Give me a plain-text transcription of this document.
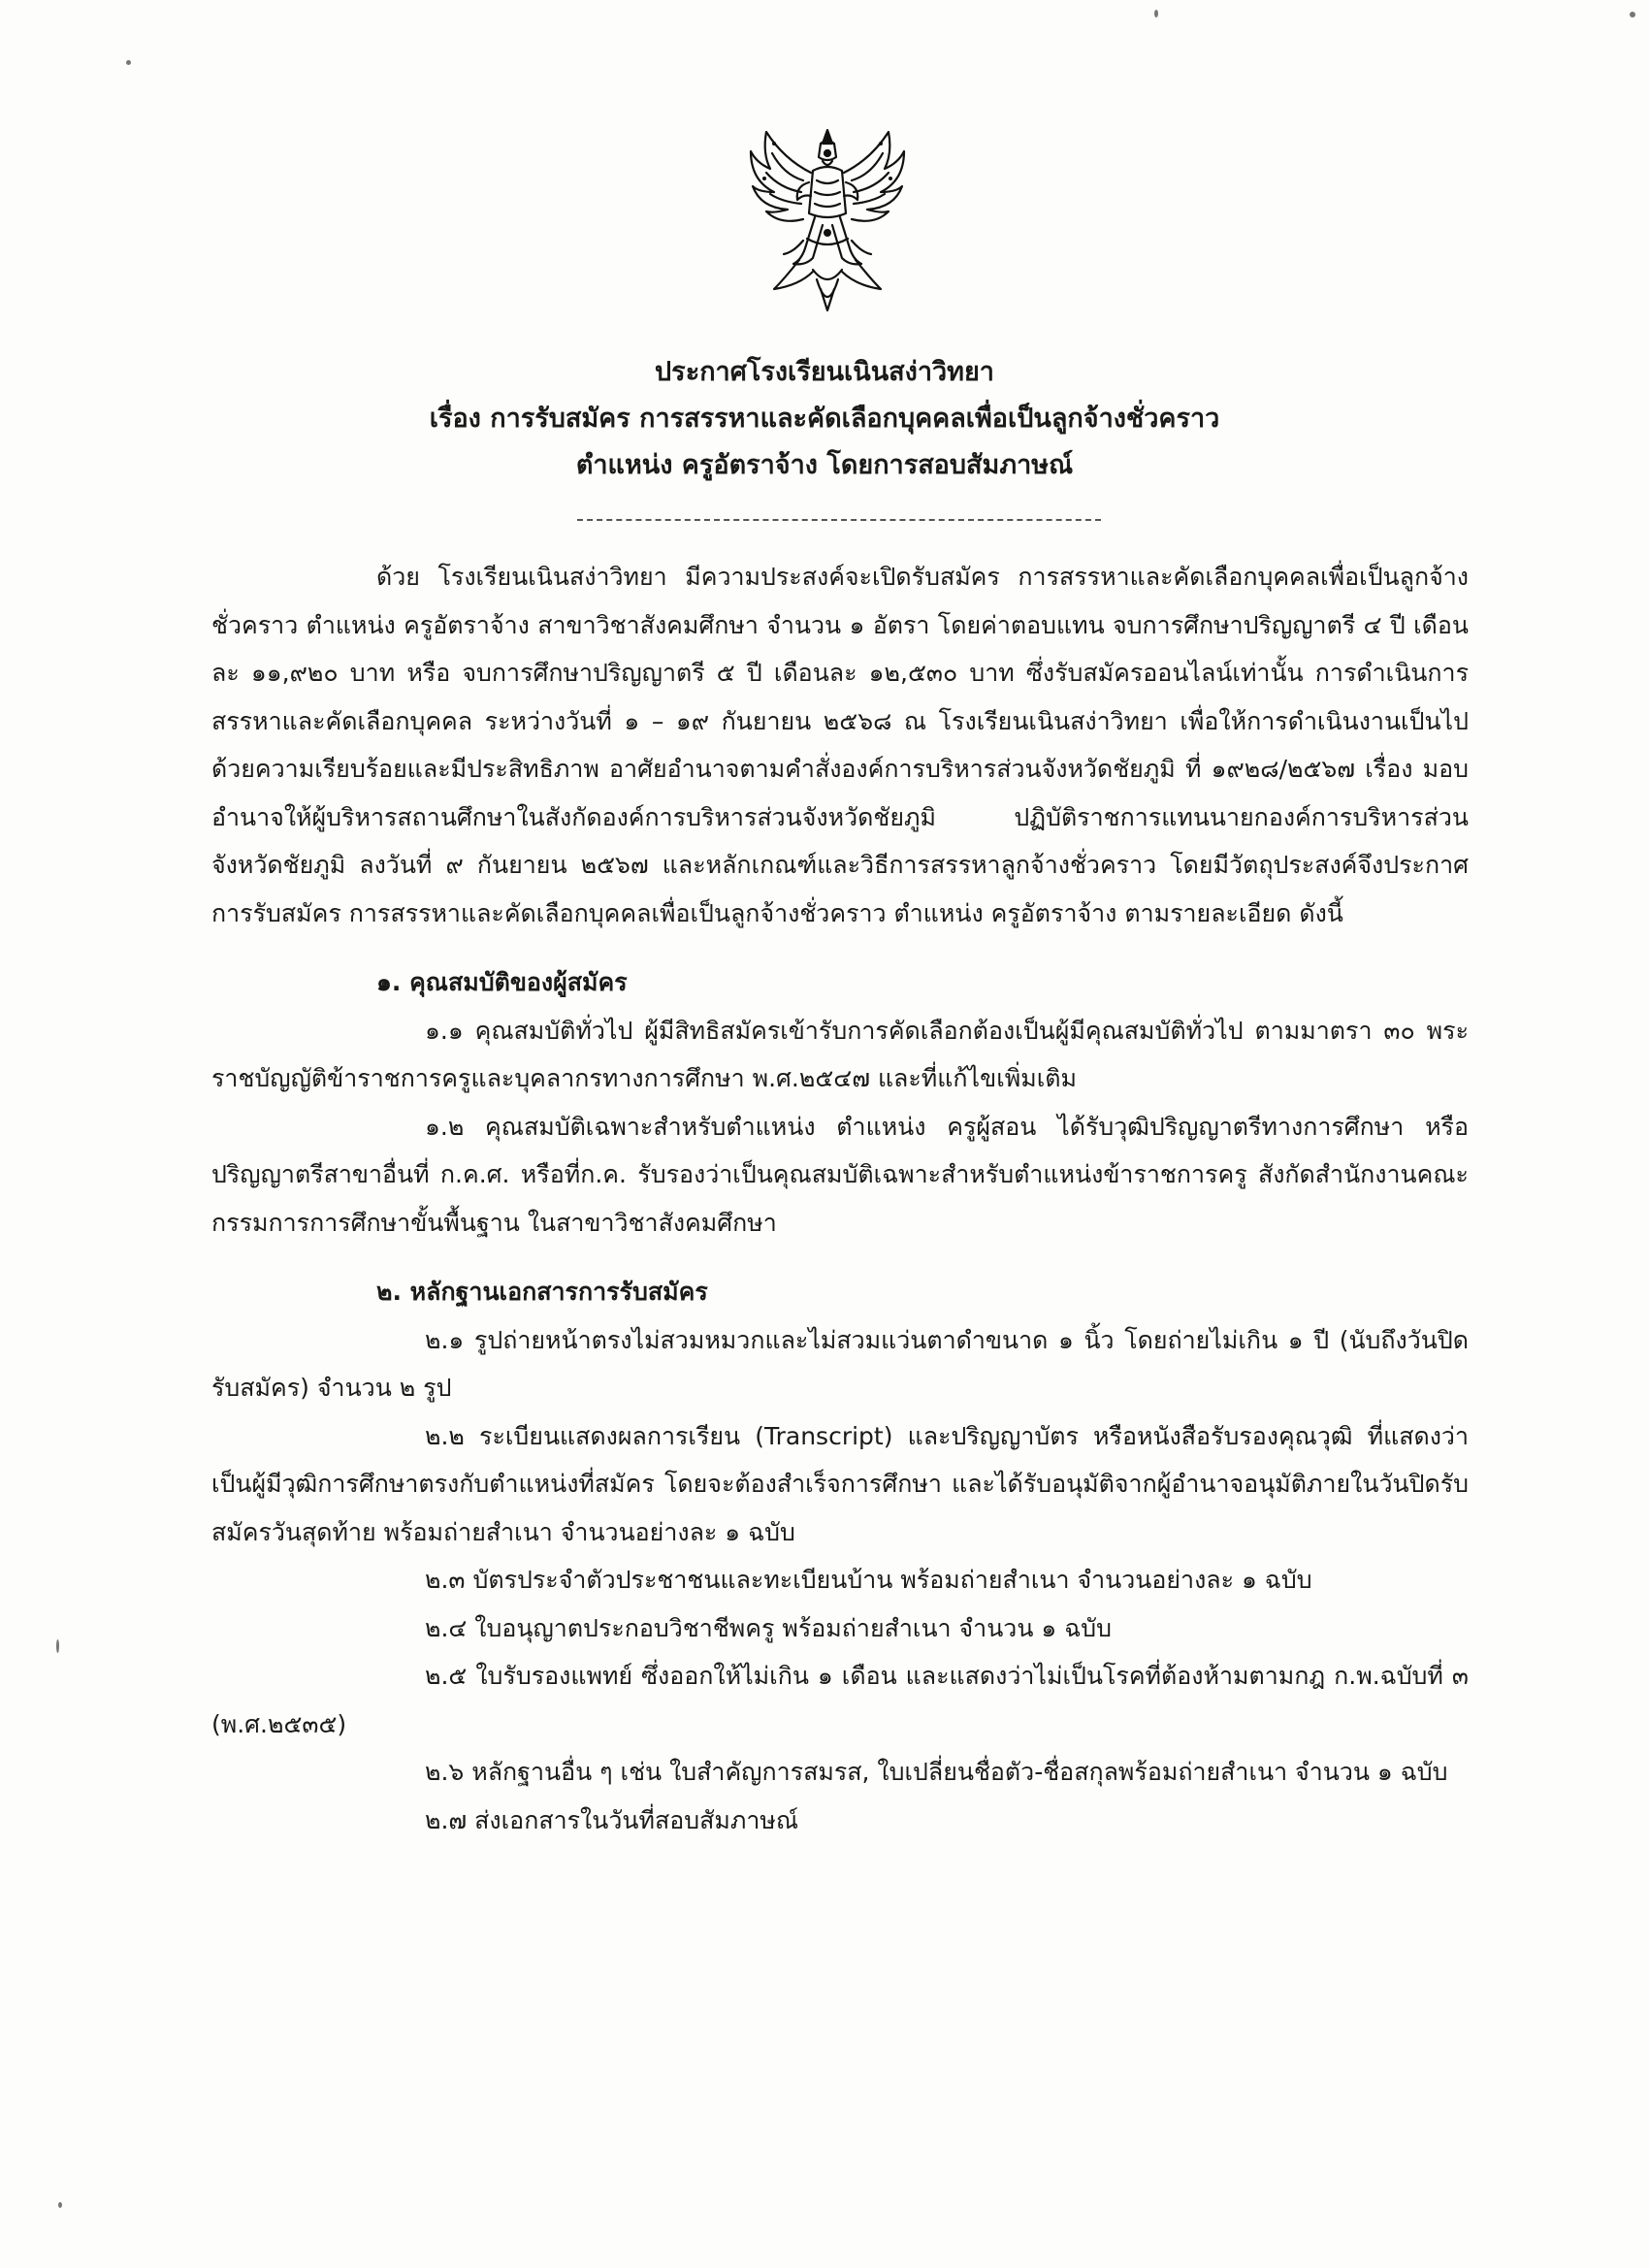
ประกาศโรงเรียนเนินสง่าวิทยา
เรื่อง การรับสมัคร การสรรหาและคัดเลือกบุคคลเพื่อเป็นลูกจ้างชั่วคราว
ตำแหน่ง ครูอัตราจ้าง โดยการสอบสัมภาษณ์

ด้วย โรงเรียนเนินสง่าวิทยา มีความประสงค์จะเปิดรับสมัคร การสรรหาและคัดเลือกบุคคลเพื่อเป็นลูกจ้างชั่วคราว ตำแหน่ง ครูอัตราจ้าง สาขาวิชาสังคมศึกษา จำนวน ๑ อัตรา โดยค่าตอบแทน จบการศึกษาปริญญาตรี ๔ ปี เดือนละ ๑๑,๙๒๐ บาท หรือ จบการศึกษาปริญญาตรี ๕ ปี เดือนละ ๑๒,๕๓๐ บาท ซึ่งรับสมัครออนไลน์เท่านั้น การดำเนินการสรรหาและคัดเลือกบุคคล ระหว่างวันที่ ๑ – ๑๙ กันยายน ๒๕๖๘ ณ โรงเรียนเนินสง่าวิทยา เพื่อให้การดำเนินงานเป็นไปด้วยความเรียบร้อยและมีประสิทธิภาพ อาศัยอำนาจตามคำสั่งองค์การบริหารส่วนจังหวัดชัยภูมิ ที่ ๑๙๒๘/๒๕๖๗ เรื่อง มอบอำนาจให้ผู้บริหารสถานศึกษาในสังกัดองค์การบริหารส่วนจังหวัดชัยภูมิ ปฏิบัติราชการแทนนายกองค์การบริหารส่วนจังหวัดชัยภูมิ ลงวันที่ ๙ กันยายน ๒๕๖๗ และหลักเกณฑ์และวิธีการสรรหาลูกจ้างชั่วคราว โดยมีวัตถุประสงค์จึงประกาศ การรับสมัคร การสรรหาและคัดเลือกบุคคลเพื่อเป็นลูกจ้างชั่วคราว ตำแหน่ง ครูอัตราจ้าง ตามรายละเอียด ดังนี้

๑. คุณสมบัติของผู้สมัคร

๑.๑ คุณสมบัติทั่วไป ผู้มีสิทธิสมัครเข้ารับการคัดเลือกต้องเป็นผู้มีคุณสมบัติทั่วไป ตามมาตรา ๓๐ พระราชบัญญัติข้าราชการครูและบุคลากรทางการศึกษา พ.ศ.๒๕๔๗ และที่แก้ไขเพิ่มเติม

๑.๒ คุณสมบัติเฉพาะสำหรับตำแหน่ง ตำแหน่ง ครูผู้สอน ได้รับวุฒิปริญญาตรีทางการศึกษา หรือปริญญาตรีสาขาอื่นที่ ก.ค.ศ. หรือที่ก.ค. รับรองว่าเป็นคุณสมบัติเฉพาะสำหรับตำแหน่งข้าราชการครู สังกัดสำนักงานคณะกรรมการการศึกษาขั้นพื้นฐาน ในสาขาวิชาสังคมศึกษา

๒. หลักฐานเอกสารการรับสมัคร

๒.๑ รูปถ่ายหน้าตรงไม่สวมหมวกและไม่สวมแว่นตาดำขนาด ๑ นิ้ว โดยถ่ายไม่เกิน ๑ ปี (นับถึงวันปิดรับสมัคร) จำนวน ๒ รูป

๒.๒ ระเบียนแสดงผลการเรียน (Transcript) และปริญญาบัตร หรือหนังสือรับรองคุณวุฒิ ที่แสดงว่าเป็นผู้มีวุฒิการศึกษาตรงกับตำแหน่งที่สมัคร โดยจะต้องสำเร็จการศึกษา และได้รับอนุมัติจากผู้อำนาจอนุมัติภายในวันปิดรับสมัครวันสุดท้าย พร้อมถ่ายสำเนา จำนวนอย่างละ ๑ ฉบับ

๒.๓ บัตรประจำตัวประชาชนและทะเบียนบ้าน พร้อมถ่ายสำเนา จำนวนอย่างละ ๑ ฉบับ

๒.๔ ใบอนุญาตประกอบวิชาชีพครู พร้อมถ่ายสำเนา จำนวน ๑ ฉบับ

๒.๕ ใบรับรองแพทย์ ซึ่งออกให้ไม่เกิน ๑ เดือน และแสดงว่าไม่เป็นโรคที่ต้องห้ามตามกฎ ก.พ.ฉบับที่ ๓ (พ.ศ.๒๕๓๕)

๒.๖ หลักฐานอื่น ๆ เช่น ใบสำคัญการสมรส, ใบเปลี่ยนชื่อตัว-ชื่อสกุลพร้อมถ่ายสำเนา จำนวน ๑ ฉบับ

๒.๗ ส่งเอกสารในวันที่สอบสัมภาษณ์
